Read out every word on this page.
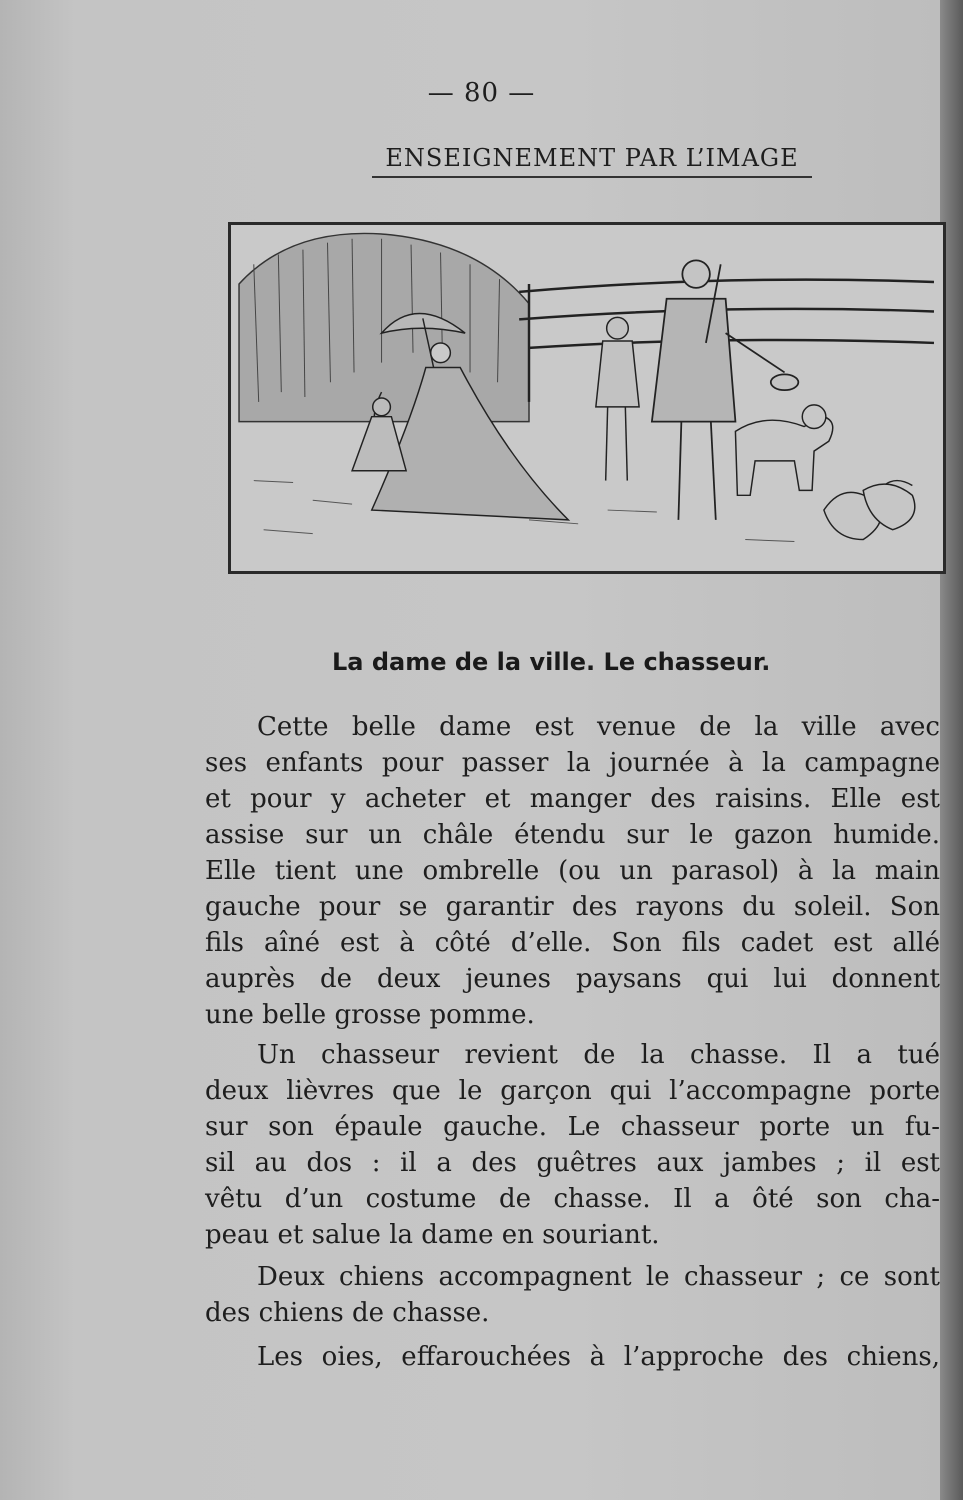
— 80 —
ENSEIGNEMENT PAR L’IMAGE
La dame de la ville. Le chasseur.
Cette belle dame est venue de la ville avec
ses enfants pour passer la journée à la campagne
et pour y acheter et manger des raisins. Elle est
assise sur un châle étendu sur le gazon humide.
Elle tient une ombrelle (ou un parasol) à la main
gauche pour se garantir des rayons du soleil. Son
fils aîné est à côté d’elle. Son fils cadet est allé
auprès de deux jeunes paysans qui lui donnent
une belle grosse pomme.
Un chasseur revient de la chasse. Il a tué
deux lièvres que le garçon qui l’accompagne porte
sur son épaule gauche. Le chasseur porte un fu-
sil au dos : il a des guêtres aux jambes ; il est
vêtu d’un costume de chasse. Il a ôté son cha-
peau et salue la dame en souriant.
Deux chiens accompagnent le chasseur ; ce sont
des chiens de chasse.
Les oies, effarouchées à l’approche des chiens,
